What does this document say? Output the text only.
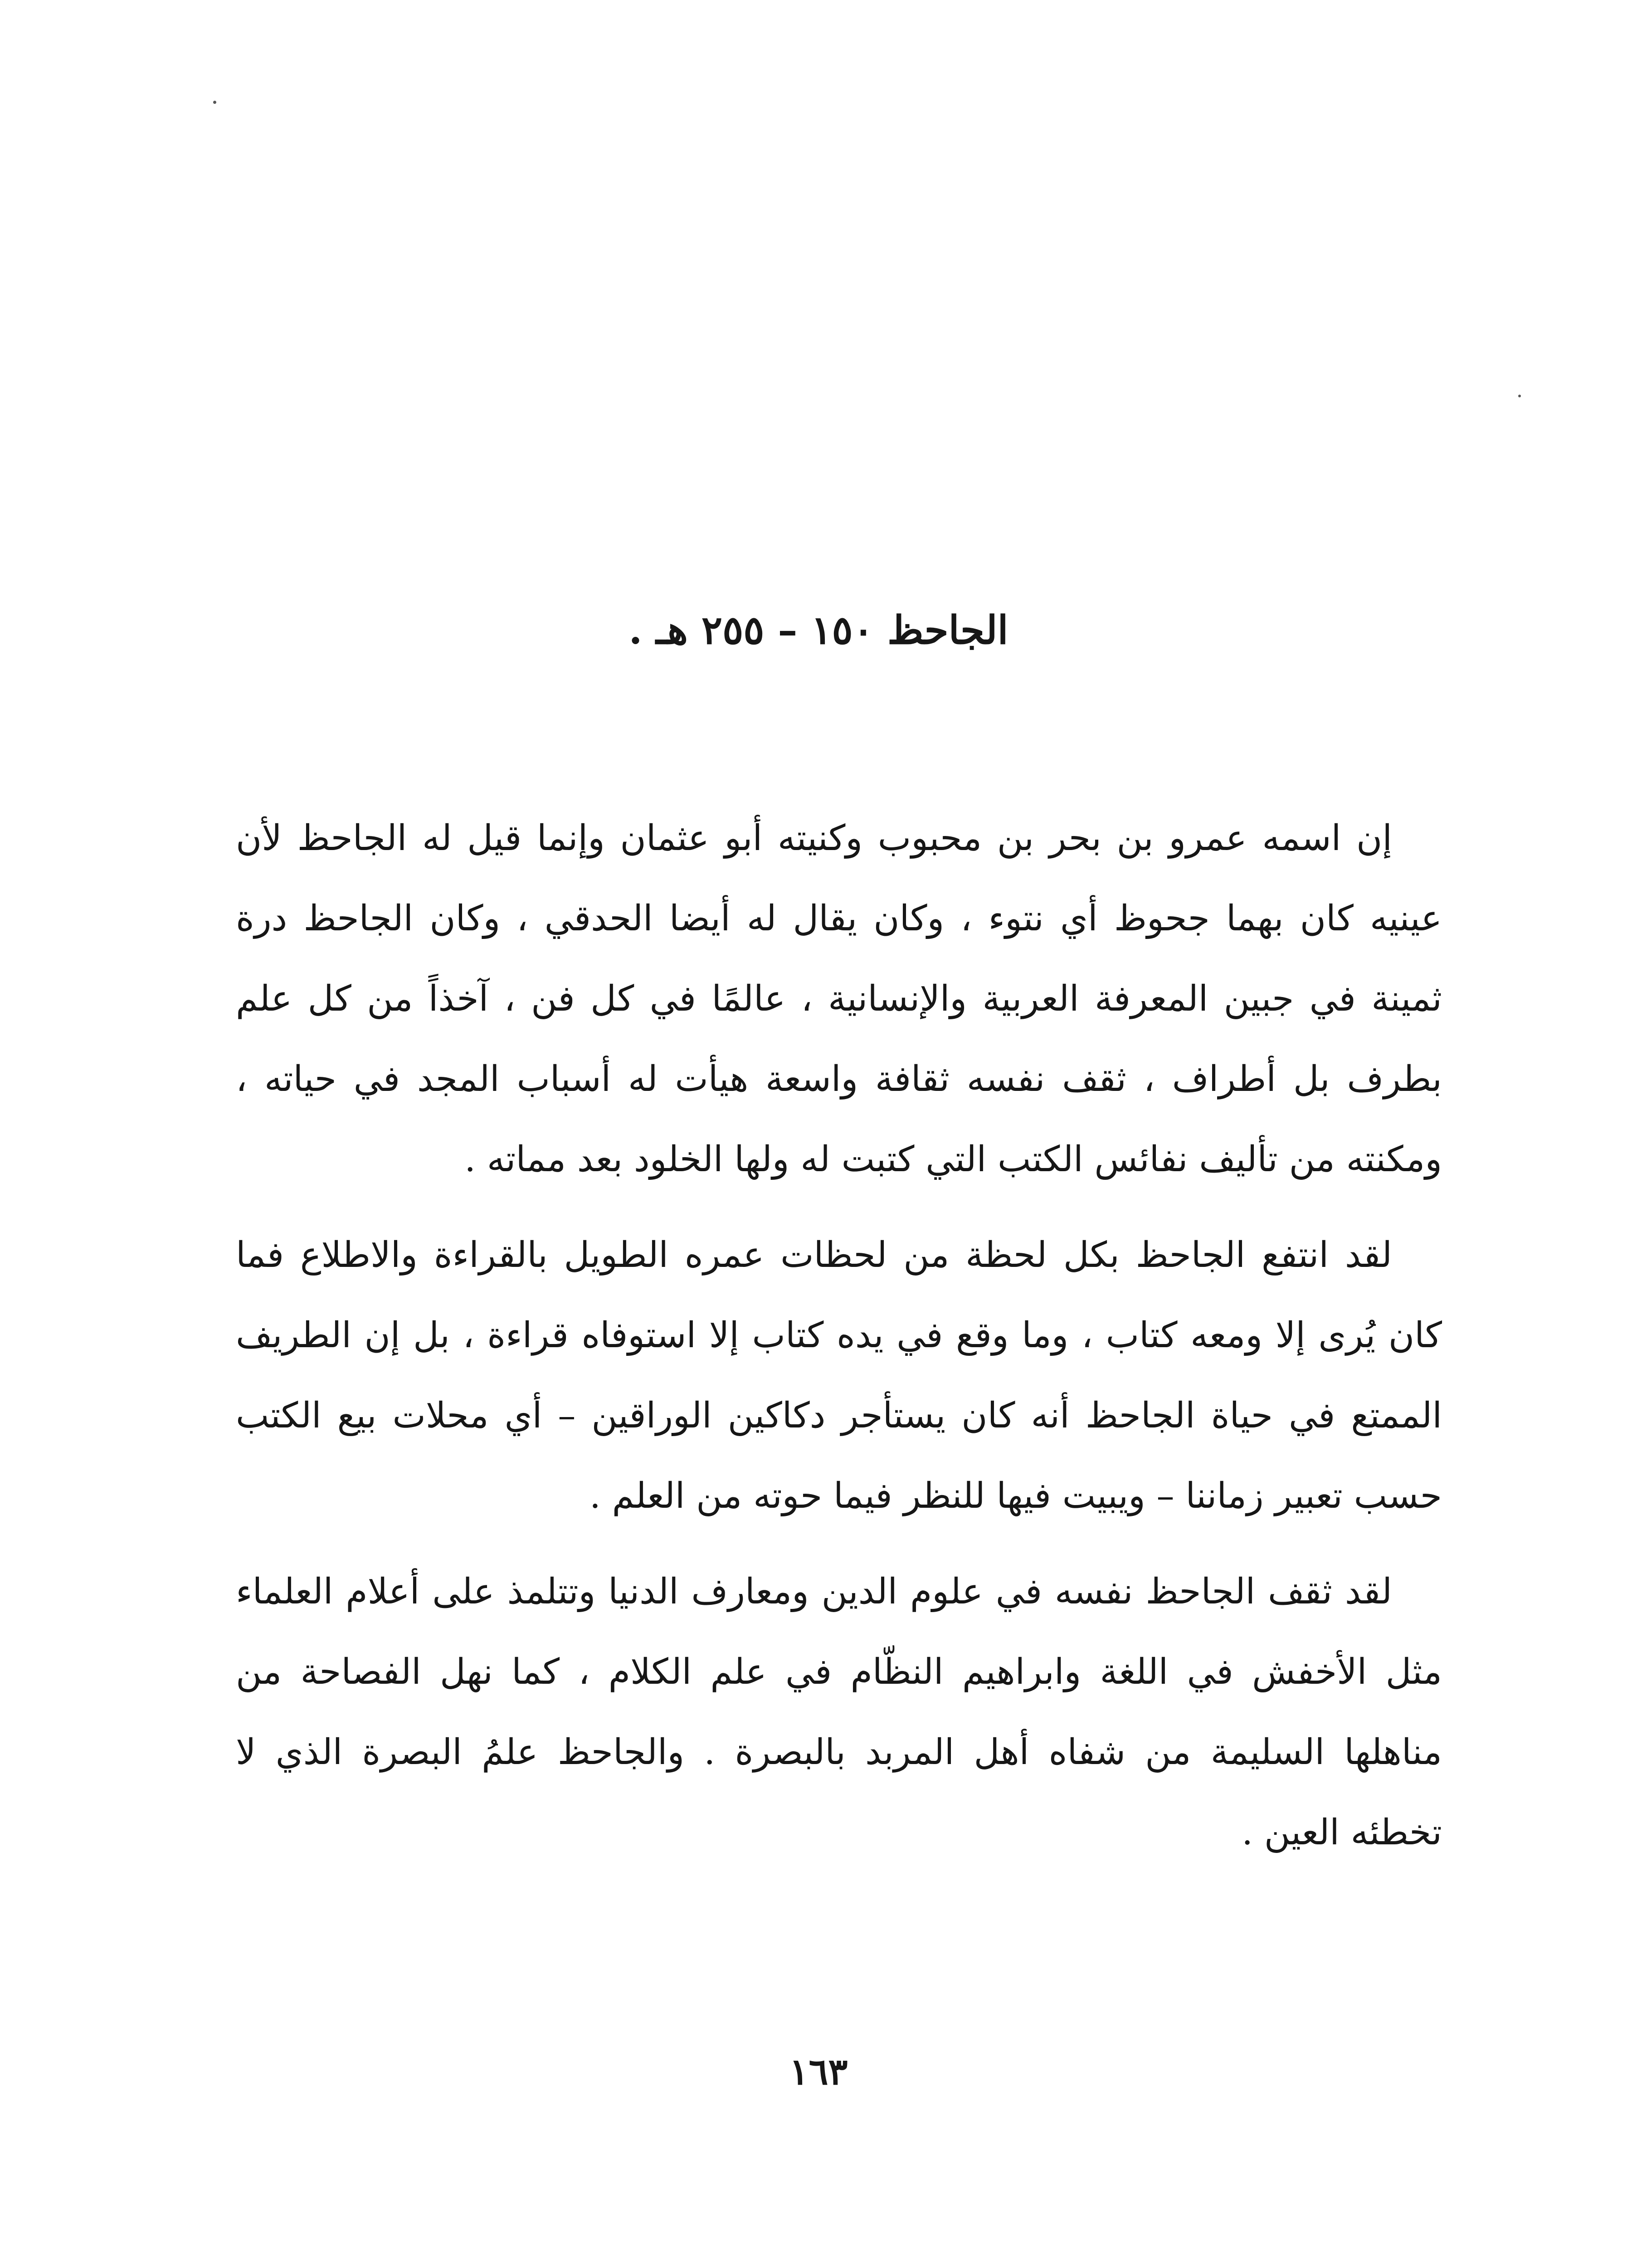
الجاحظ ١٥٠ – ٢٥٥ هـ .

إن اسمه عمرو بن بحر بن محبوب وكنيته أبو عثمان وإنما قيل له الجاحظ لأن عينيه كان بهما جحوظ أي نتوء ، وكان يقال له أيضا الحدقي ، وكان الجاحظ درة ثمينة في جبين المعرفة العربية والإنسانية ، عالمًا في كل فن ، آخذاً من كل علم بطرف بل أطراف ، ثقف نفسه ثقافة واسعة هيأت له أسباب المجد في حياته ، ومكنته من تأليف نفائس الكتب التي كتبت له ولها الخلود بعد مماته .

لقد انتفع الجاحظ بكل لحظة من لحظات عمره الطويل بالقراءة والاطلاع فما كان يُرى إلا ومعه كتاب ، وما وقع في يده كتاب إلا استوفاه قراءة ، بل إن الطريف الممتع في حياة الجاحظ أنه كان يستأجر دكاكين الوراقين – أي محلات بيع الكتب حسب تعبير زماننا – ويبيت فيها للنظر فيما حوته من العلم .

لقد ثقف الجاحظ نفسه في علوم الدين ومعارف الدنيا وتتلمذ على أعلام العلماء مثل الأخفش في اللغة وابراهيم النظّام في علم الكلام ، كما نهل الفصاحة من مناهلها السليمة من شفاه أهل المربد بالبصرة . والجاحظ علمُ البصرة الذي لا تخطئه العين .

١٦٣
